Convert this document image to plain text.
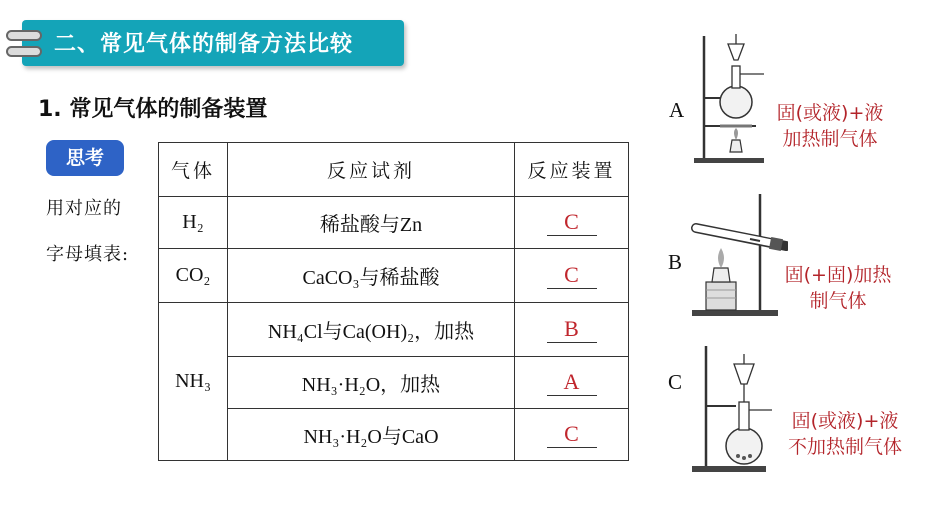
二、常见气体的制备方法比较
1. 常见气体的制备装置
思考
用对应的
字母填表:
气体	反应试剂	反应装置
H₂	稀盐酸与Zn	C
CO₂	CaCO₃与稀盐酸	C
NH₃	NH₄Cl与Ca(OH)₂，加热	B
	NH₃·H₂O，加热	A
	NH₃·H₂O与CaO	C
A	固(或液)+液
加热制气体
B
固(+固)加热
制气体
C
固(或液)+液
不加热制气体
